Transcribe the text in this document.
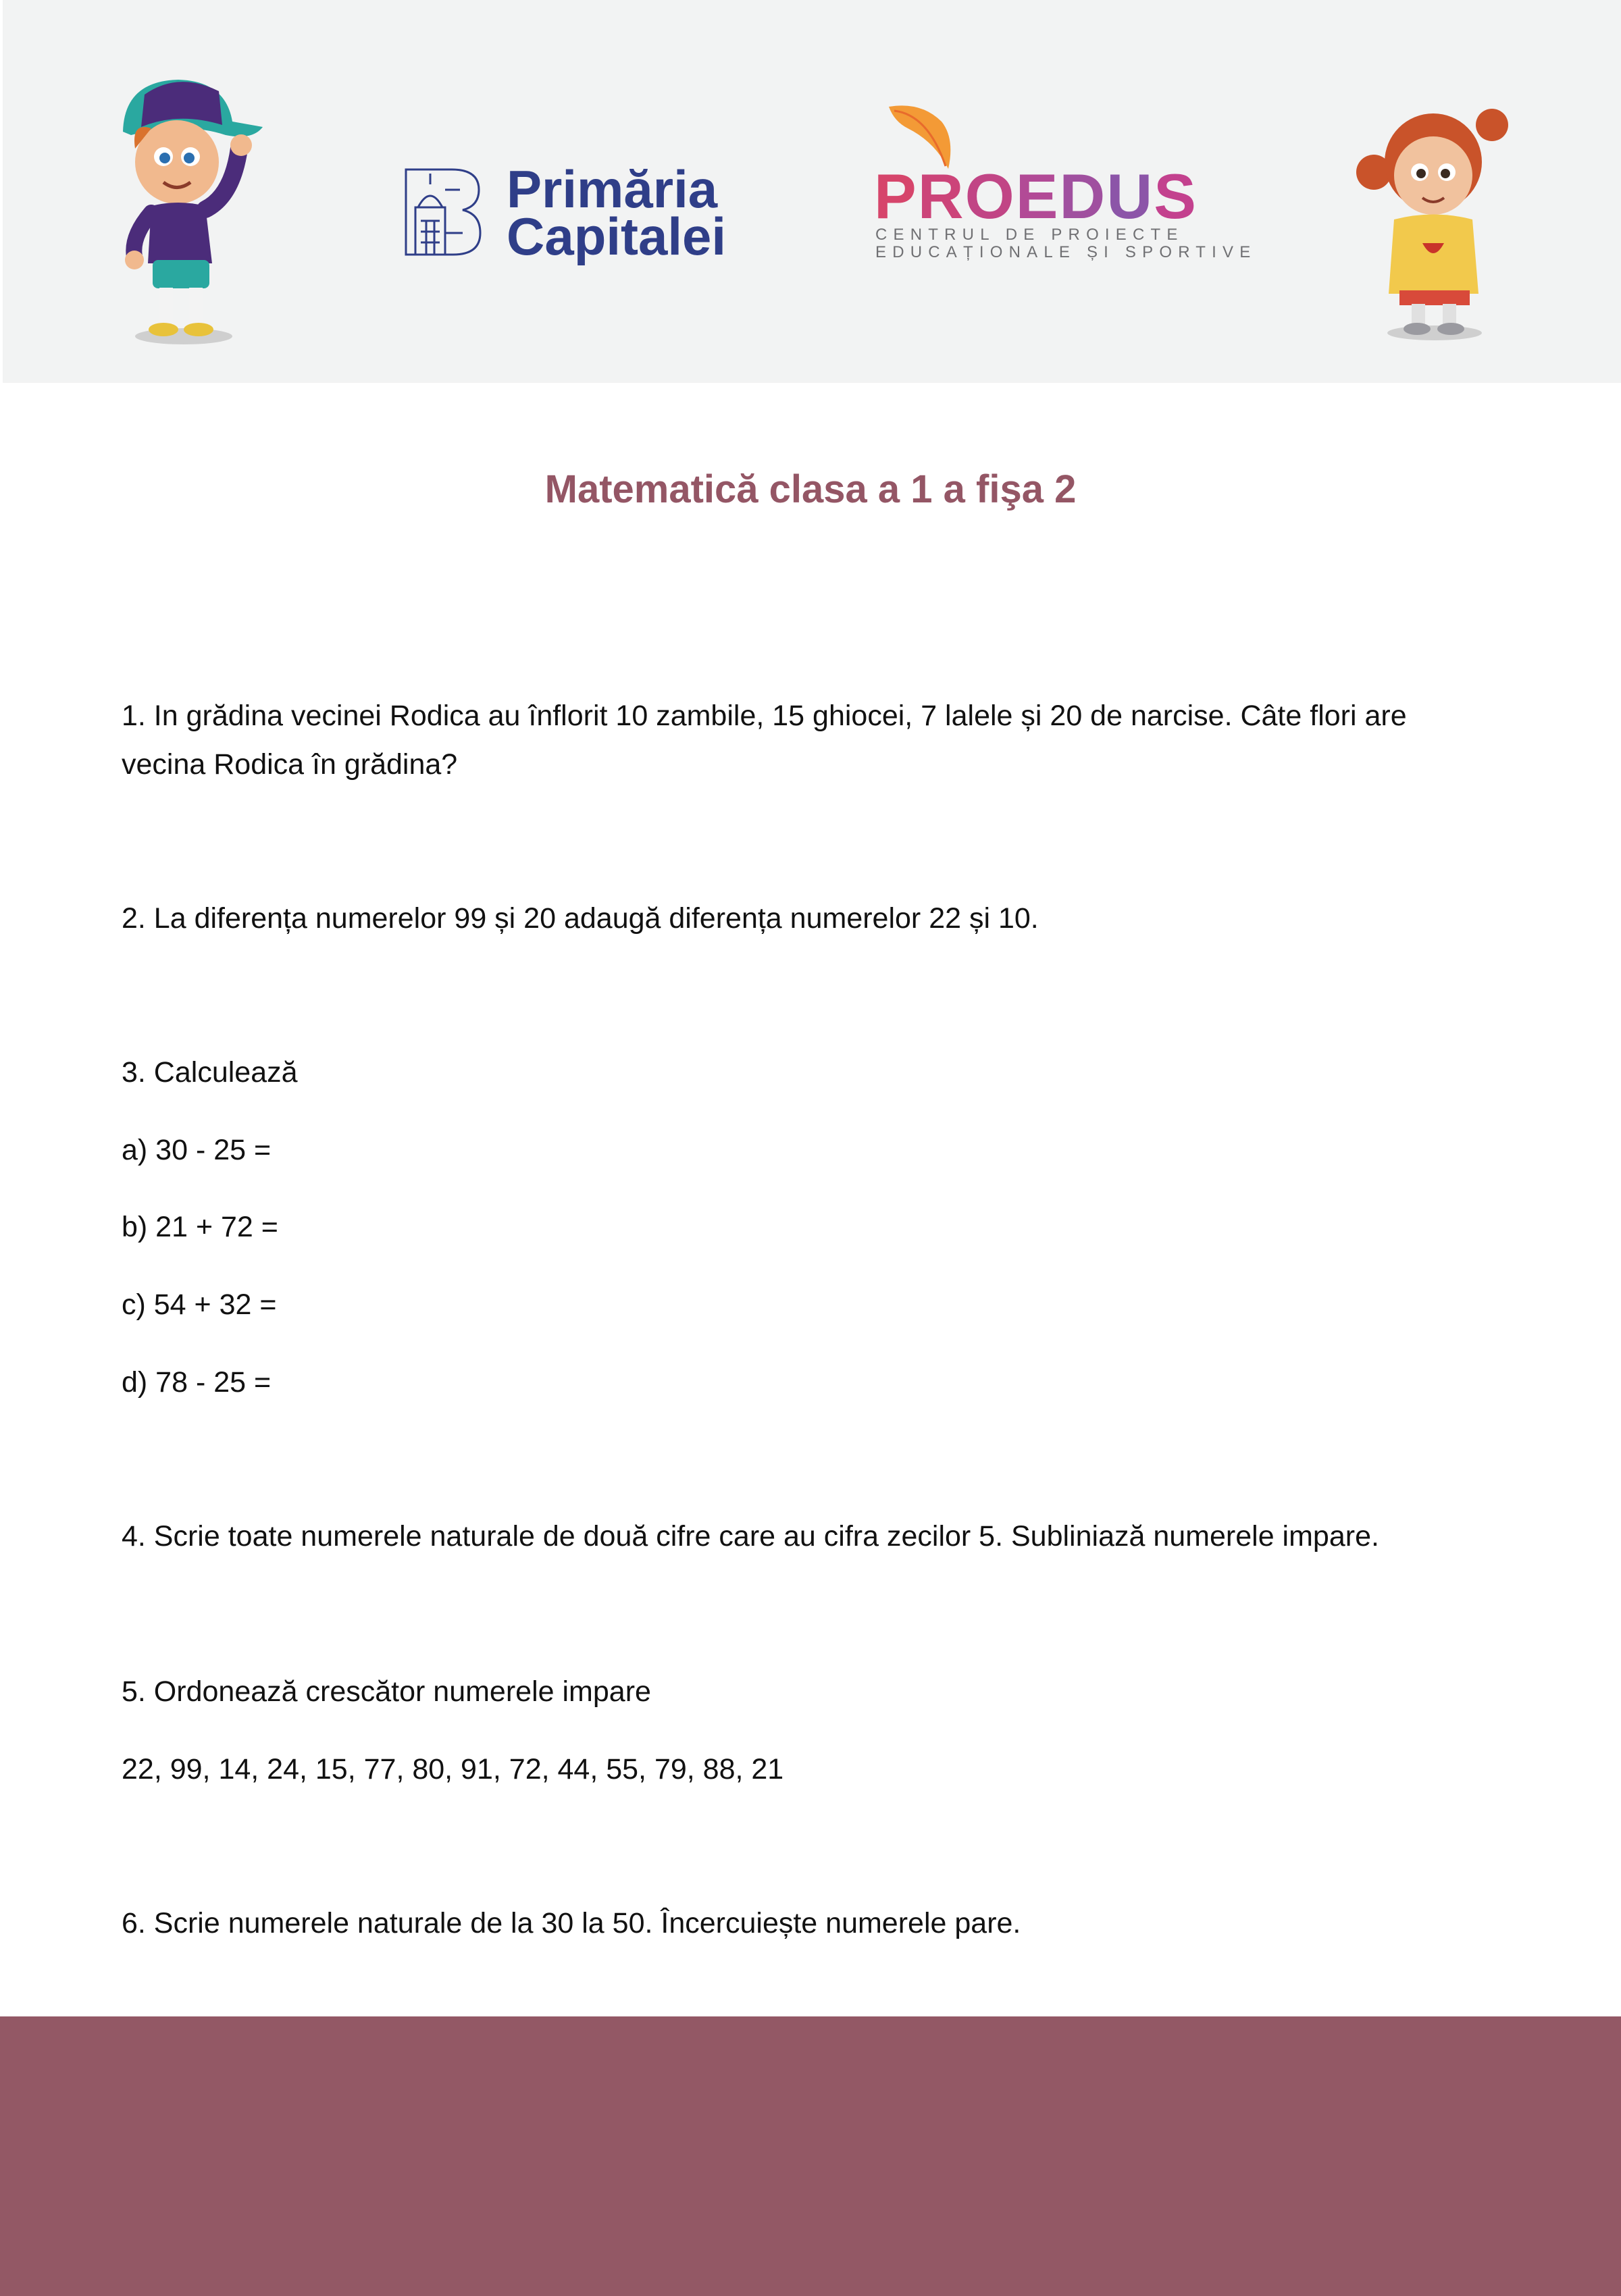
Primăria
Capitalei
PROEDUS
CENTRUL DE PROIECTE
EDUCAȚIONALE ȘI SPORTIVE
Matematică clasa a 1 a fişa 2
1. In grădina vecinei Rodica au înflorit 10 zambile, 15 ghiocei, 7 lalele și 20 de narcise. Câte flori are
vecina Rodica în grădina?
2. La diferența numerelor 99 și 20 adaugă diferența numerelor 22 și 10.
3. Calculează
a) 30 - 25 =
b) 21 + 72 =
c) 54 + 32 =
d) 78 - 25 =
4. Scrie toate numerele naturale de două cifre care au cifra zecilor 5. Subliniază numerele impare.
5. Ordonează crescător numerele impare
22, 99, 14, 24, 15, 77, 80, 91, 72, 44, 55, 79, 88, 21
6. Scrie numerele naturale de la 30 la 50. Încercuiește numerele pare.
